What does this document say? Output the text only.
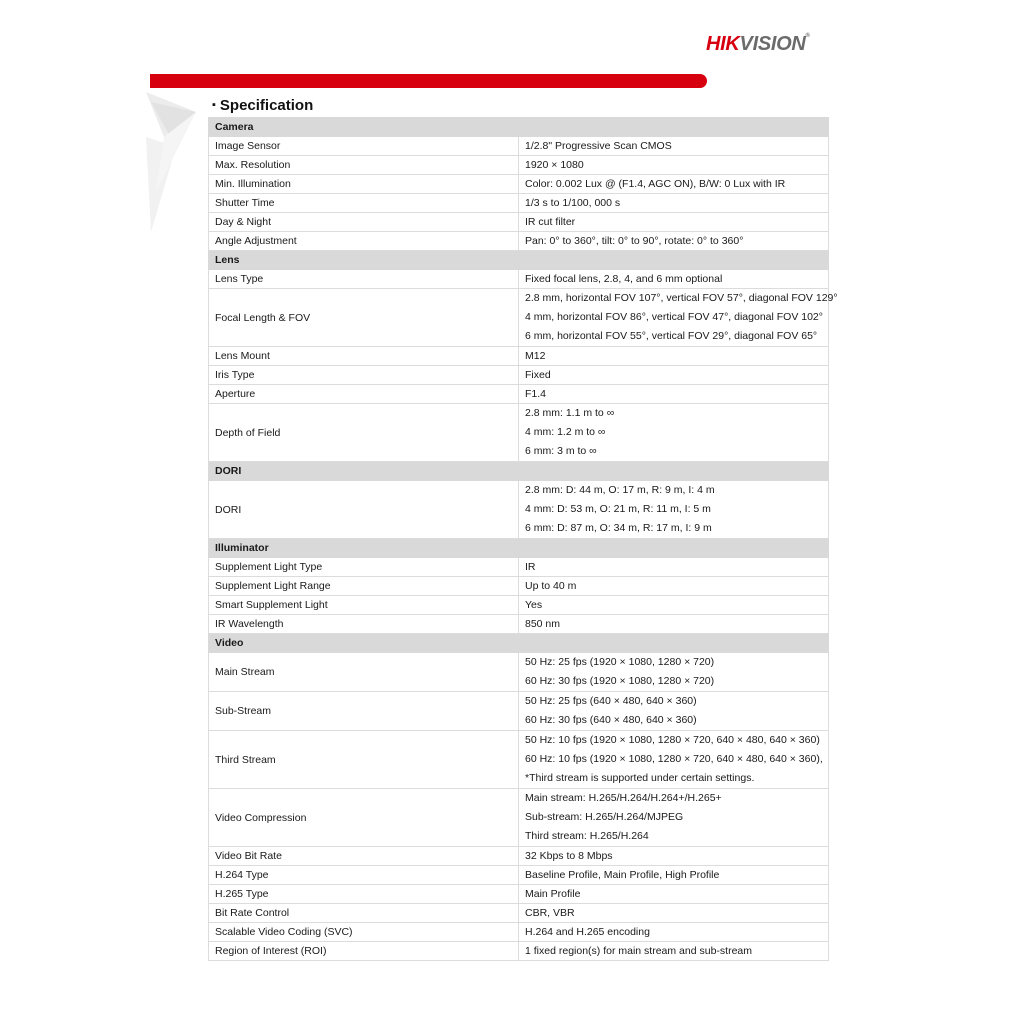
HIKVISION®
▪ Specification
Camera	
Image Sensor	1/2.8" Progressive Scan CMOS
Max. Resolution	1920 × 1080
Min. Illumination	Color: 0.002 Lux @ (F1.4, AGC ON), B/W: 0 Lux with IR
Shutter Time	1/3 s to 1/100, 000 s
Day & Night	IR cut filter
Angle Adjustment	Pan: 0° to 360°, tilt: 0° to 90°, rotate: 0° to 360°
Lens	
Lens Type	Fixed focal lens, 2.8, 4, and 6 mm optional
Focal Length & FOV	2.8 mm, horizontal FOV 107°, vertical FOV 57°, diagonal FOV 129°
4 mm, horizontal FOV 86°, vertical FOV 47°, diagonal FOV 102°
6 mm, horizontal FOV 55°, vertical FOV 29°, diagonal FOV 65°

Lens Mount	M12
Iris Type	Fixed
Aperture	F1.4
Depth of Field	2.8 mm: 1.1 m to ∞
4 mm: 1.2 m to ∞
6 mm: 3 m to ∞

DORI	
DORI	2.8 mm: D: 44 m, O: 17 m, R: 9 m, I: 4 m
4 mm: D: 53 m, O: 21 m, R: 11 m, I: 5 m
6 mm: D: 87 m, O: 34 m, R: 17 m, I: 9 m

Illuminator	
Supplement Light Type	IR
Supplement Light Range	Up to 40 m
Smart Supplement Light	Yes
IR Wavelength	850 nm
Video	
Main Stream	50 Hz: 25 fps (1920 × 1080, 1280 × 720)
60 Hz: 30 fps (1920 × 1080, 1280 × 720)

Sub-Stream	50 Hz: 25 fps (640 × 480, 640 × 360)
60 Hz: 30 fps (640 × 480, 640 × 360)

Third Stream	50 Hz: 10 fps (1920 × 1080, 1280 × 720, 640 × 480, 640 × 360)
60 Hz: 10 fps (1920 × 1080, 1280 × 720, 640 × 480, 640 × 360),
*Third stream is supported under certain settings.

Video Compression	Main stream: H.265/H.264/H.264+/H.265+
Sub-stream: H.265/H.264/MJPEG
Third stream: H.265/H.264

Video Bit Rate	32 Kbps to 8 Mbps
H.264 Type	Baseline Profile, Main Profile, High Profile
H.265 Type	Main Profile
Bit Rate Control	CBR, VBR
Scalable Video Coding (SVC)	H.264 and H.265 encoding
Region of Interest (ROI)	1 fixed region(s) for main stream and sub-stream
